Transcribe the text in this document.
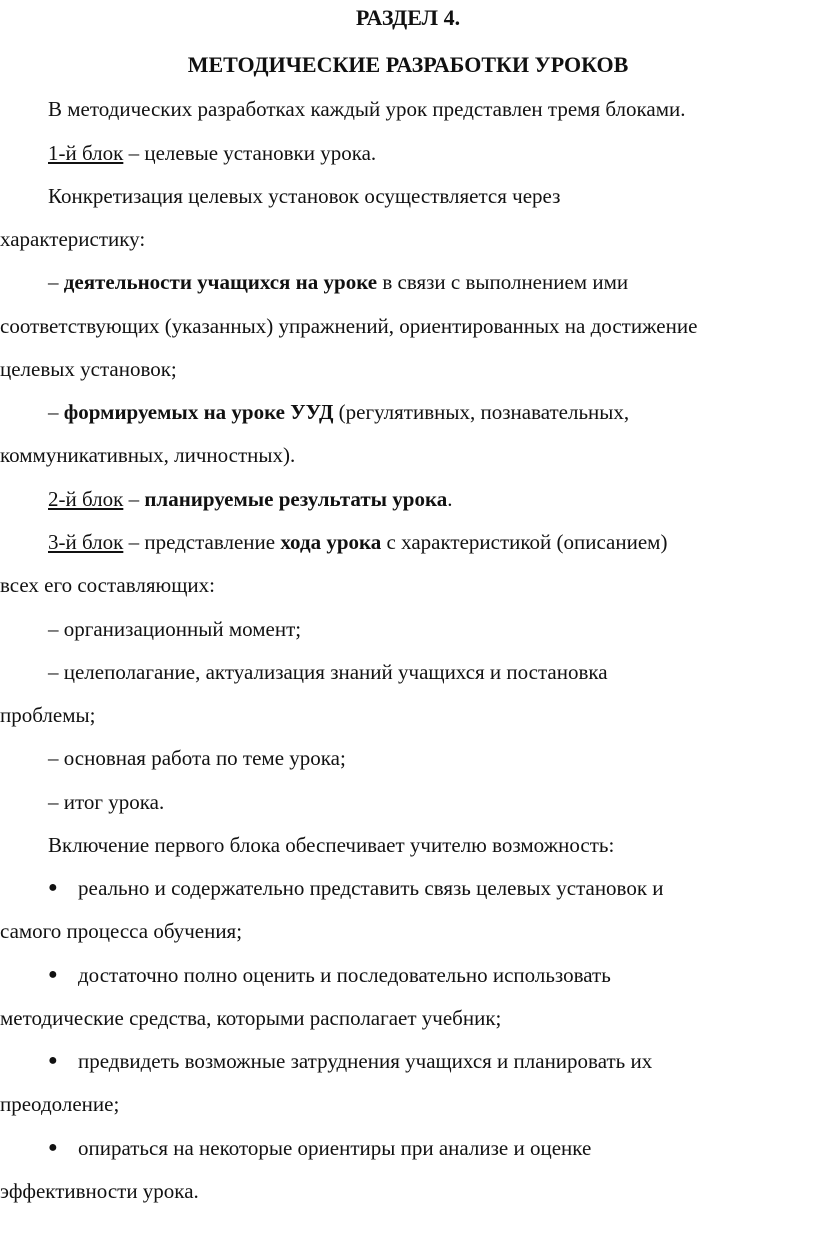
РАЗДЕЛ 4.
МЕТОДИЧЕСКИЕ РАЗРАБОТКИ УРОКОВ
В методических разработках каждый урок представлен тремя блоками.
1-й блок – целевые установки урока.
Конкретизация целевых установок осуществляется через
характеристику:
– деятельности учащихся на уроке в связи с выполнением ими
соответствующих (указанных) упражнений, ориентированных на достижение
целевых установок;
– формируемых на уроке УУД (регулятивных, познавательных,
коммуникативных, личностных).
2-й блок – планируемые результаты урока.
3-й блок – представление хода урока с характеристикой (описанием)
всех его составляющих:
– организационный момент;
– целеполагание, актуализация знаний учащихся и постановка
проблемы;
– основная работа по теме урока;
– итог урока.
Включение первого блока обеспечивает учителю возможность:
● реально и содержательно представить связь целевых установок и
самого процесса обучения;
● достаточно полно оценить и последовательно использовать
методические средства, которыми располагает учебник;
● предвидеть возможные затруднения учащихся и планировать их
преодоление;
● опираться на некоторые ориентиры при анализе и оценке
эффективности урока.
